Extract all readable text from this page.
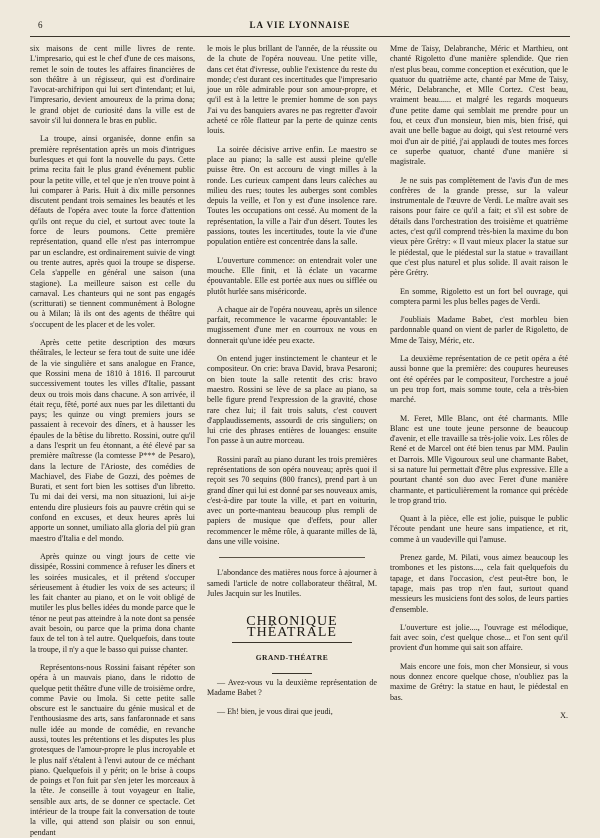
6	LA VIE LYONNAISE

six maisons de cent mille livres de rente. L'impresario, qui est le chef d'une de ces maisons, remet le soin de toutes les affaires financières de son théâtre à un régisseur, qui est d'ordinaire l'avocat-archifripon qui lui sert d'intendant; et lui, l'impresario, devient amoureux de la prima dona; le grand objet de curiosité dans la ville est de savoir s'il lui donnera le bras en public.

La troupe, ainsi organisée, donne enfin sa première représentation après un mois d'intrigues burlesques et qui font la nouvelle du pays. Cette prima recita fait le plus grand événement public pour la petite ville, et tel que je n'en trouve point à lui comparer à Paris. Huit à dix mille personnes discutent pendant trois semaines les beautés et les défauts de l'opéra avec toute la force d'attention qu'ils ont reçue du ciel, et surtout avec toute la force de leurs poumons. Cette première représentation, quand elle n'est pas interrompue par un esclandre, est ordinairement suivie de vingt ou trente autres, après quoi la troupe se disperse. Cela s'appelle en général une saison (una stagione). La meilleure saison est celle du carnaval. Les chanteurs qui ne sont pas engagés (scritturati) se tiennent communément à Bologne ou à Milan; là ils ont des agents de théâtre qui s'occupent de les placer et de les voler.

Après cette petite description des mœurs théâtrales, le lecteur se fera tout de suite une idée de la vie singulière et sans analogue en France, que Rossini mena de 1810 à 1816. Il parcourut successivement toutes les villes d'Italie, passant deux ou trois mois dans chacune. A son arrivée, il était reçu, fêté, porté aux nues par les dilettanti du pays; les quinze ou vingt premiers jours se passaient à recevoir des dîners, et à hausser les épaules de la bêtise du libretto. Rossini, outre qu'il a dans l'esprit un feu étonnant, a été élevé par sa première maîtresse (la comtesse P*** de Pesaro), dans la lecture de l'Arioste, des comédies de Machiavel, des Fiabe de Gozzi, des poèmes de Burati, et sent fort bien les sottises d'un libretto. Tu mi dai dei versi, ma non situazioni, lui ai-je entendu dire plusieurs fois au pauvre crétin qui se confond en excuses, et deux heures après lui apporte un sonnet, umiliato alla gloria del più gran maestro d'Italia e del mondo.

Après quinze ou vingt jours de cette vie dissipée, Rossini commence à refuser les dîners et les soirées musicales, et il prétend s'occuper sérieusement à étudier les voix de ses acteurs; il les fait chanter au piano, et on le voit obligé de mutiler les plus belles idées du monde parce que le ténor ne peut pas atteindre à la note dont sa pensée avait besoin, ou parce que la prima dona chante faux de tel ton à tel autre. Quelquefois, dans toute la troupe, il n'y a que le basso qui puisse chanter.

Représentons-nous Rossini faisant répéter son opéra à un mauvais piano, dans le ridotto de quelque petit théâtre d'une ville de troisième ordre, comme Pavie ou Imola. Si cette petite salle obscure est le sanctuaire du génie musical et de l'enthousiasme des arts, sans fanfaronnade et sans nulle idée au monde de comédie, en revanche aussi, toutes les prétentions et les disputes les plus grotesques de l'amour-propre le plus incroyable et le plus naïf s'étalent à l'envi autour de ce méchant piano. Quelquefois il y périt; on le brise à coups de poings et l'on fuit par s'en jeter les morceaux à la tête. Je conseille à tout voyageur en Italie, sensible aux arts, de se donner ce spectacle. Cet intérieur de la troupe fait la conversation de toute la ville, qui attend son plaisir ou son ennui, pendant

le mois le plus brillant de l'année, de la réussite ou de la chute de l'opéra nouveau. Une petite ville, dans cet état d'ivresse, oublie l'existence du reste du monde; c'est durant ces incertitudes que l'impresario joue un rôle admirable pour son amour-propre, et qu'il est à la lettre le premier homme de son pays J'ai vu des banquiers avares ne pas regretter d'avoir acheté ce rôle flatteur par la perte de quinze cents louis.

La soirée décisive arrive enfin. Le maestro se place au piano; la salle est aussi pleine qu'elle puisse être. On est accouru de vingt milles à la ronde. Les curieux campent dans leurs calèches au milieu des rues; toutes les auberges sont combles depuis la veille, et l'on y est d'une insolence rare. Toutes les occupations ont cessé. Au moment de la représentation, la ville a l'air d'un désert. Toutes les passions, toutes les incertitudes, toute la vie d'une population entière est concentrée dans la salle.

L'ouverture commence: on entendrait voler une mouche. Elle finit, et là éclate un vacarme épouvantable. Elle est portée aux nues ou sifflée ou plutôt hurlée sans miséricorde.

A chaque air de l'opéra nouveau, après un silence parfait, recommence le vacarme épouvantable: le mugissement d'une mer en courroux ne vous en donnerait qu'une idée peu exacte.

On entend juger instinctement le chanteur et le compositeur. On crie: brava David, brava Pesaroni; on bien toute la salle retentit des cris: bravo maestro. Rossini se lève de sa place au piano, sa belle figure prend l'expression de la gravité, chose rare chez lui; il fait trois saluts, c'est couvert d'applaudissements, assourdi de cris singuliers; on lui crie des phrases entières de louanges: ensuite l'on passe à un autre morceau.

Rossini paraît au piano durant les trois premières représentations de son opéra nouveau; après quoi il reçoit ses 70 sequins (800 francs), prend part à un grand dîner qui lui est donné par ses nouveaux amis, c'est-à-dire par toute la ville, et part en voiturin, avec un porte-manteau beaucoup plus rempli de papiers de musique que d'effets, pour aller recommencer le même rôle, à quarante milles de là, dans une ville voisine.

L'abondance des matières nous force à ajourner à samedi l'article de notre collaborateur théâtral, M. Jules Jacquin sur les Inutiles.

CHRONIQUE THÉATRALE
GRAND-THÉATRE

— Avez-vous vu la deuxième représentation de Madame Babet ?

— Eh! bien, je vous dirai que jeudi,

Mme de Taisy, Delabranche, Méric et Marthieu, ont chanté Rigoletto d'une manière splendide. Que rien n'est plus beau, comme conception et exécution, que le quatuor du quatrième acte, chanté par Mme de Taisy, Méric, Delabranche, et Mlle Cortez. C'est beau, vraiment beau...... et malgré les regards moqueurs d'une petite dame qui semblait me prendre pour un fou, et ceux d'un monsieur, bien mis, bien frisé, qui avait une belle bague au doigt, qui s'est retourné vers moi d'un air de pitié, j'ai applaudi de toutes mes forces ce superbe quatuor, chanté d'une manière si magistrale.

Je ne suis pas complètement de l'avis d'un de mes confrères de la grande presse, sur la valeur instrumentale de l'œuvre de Verdi. Le maître avait ses raisons pour faire ce qu'il a fait; et s'il est sobre de détails dans l'orchestration des troisième et quatrième actes, c'est qu'il comprend très-bien la maxime du bon vieux père Grétry: « Il vaut mieux placer la statue sur le piédestal, que le piédestal sur la statue » travaillant que c'est plus naturel et plus solide. Il avait raison le père Grétry.

En somme, Rigoletto est un fort bel ouvrage, qui comptera parmi les plus belles pages de Verdi.

J'oubliais Madame Babet, c'est morbleu bien pardonnable quand on vient de parler de Rigoletto, de Mme de Taisy, Méric, etc.

La deuxième représentation de ce petit opéra a été aussi bonne que la première: des coupures heureuses ont été opérées par le compositeur, l'orchestre a joué un peu trop fort, mais somme toute, cela a très-bien marché.

M. Feret, Mlle Blanc, ont été charmants. Mlle Blanc est une toute jeune personne de beaucoup d'avenir, et elle travaille sa très-jolie voix. Les rôles de René et de Marcel ont été bien tenus par MM. Paulin et Darrois. Mlle Vigouroux seul une charmante Babet, si sa nature lui permettait d'être plus expressive. Elle a pourtant chanté son duo avec Feret d'une manière charmante, et particulièrement la romance qui précède le trop grand trio.

Quant à la pièce, elle est jolie, puisque le public l'écoute pendant une heure sans impatience, et rit, comme à un vaudeville qui l'amuse.

Prenez garde, M. Pilati, vous aimez beaucoup les trombones et les pistons...., cela fait quelquefois du tapage, et dans l'occasion, c'est peut-être bon, le tapage, mais pas trop n'en faut, surtout quand messieurs les musiciens font des solos, de leurs parties d'ensemble.

L'ouverture est jolie...., l'ouvrage est mélodique, fait avec soin, c'est quelque chose... et l'on sent qu'il provient d'un homme qui sait son affaire.

Mais encore une fois, mon cher Monsieur, si vous nous donnez encore quelque chose, n'oubliez pas la maxime de Grétry: la statue en haut, le piédestal en bas.

X.
